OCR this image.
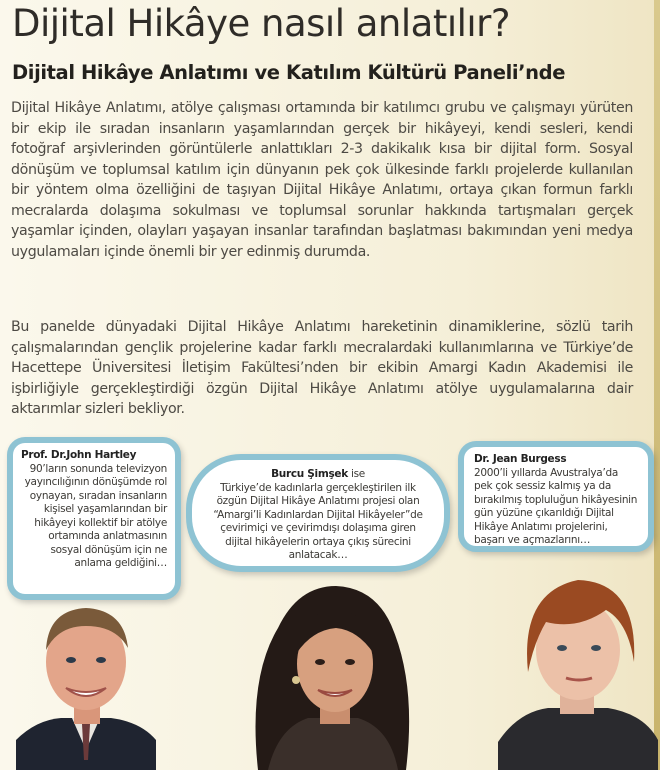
Dijital Hikâye nasıl anlatılır?
Dijital Hikâye Anlatımı ve Katılım Kültürü Paneli’nde

Dijital Hikâye Anlatımı, atölye çalışması ortamında bir katılımcı grubu ve çalışmayı yürüten bir ekip ile sıradan insanların yaşamlarından gerçek bir hikâyeyi, kendi sesleri, kendi fotoğraf arşivlerinden görüntülerle anlattıkları 2-3 dakikalık kısa bir dijital form. Sosyal dönüşüm ve toplumsal katılım için dünyanın pek çok ülkesinde farklı projelerde kullanılan bir yöntem olma özelliğini de taşıyan Dijital Hikâye Anlatımı, ortaya çıkan formun farklı mecralarda dolaşıma sokulması ve toplumsal sorunlar hakkında tartışmaları gerçek yaşamlar içinden, olayları yaşayan insanlar tarafından başlatması bakımından yeni medya uygulamaları içinde önemli bir yer edinmiş durumda.

Bu panelde dünyadaki Dijital Hikâye Anlatımı hareketinin dinamiklerine, sözlü tarih çalışmalarından gençlik projelerine kadar farklı mecralardaki kullanımlarına ve Türkiye’de Hacettepe Üniversitesi İletişim Fakültesi’nden bir ekibin Amargi Kadın Akademisi ile işbirliğiyle gerçekleştirdiği özgün Dijital Hikâye Anlatımı atölye uygulamalarına dair aktarımlar sizleri bekliyor.

Prof. Dr.John Hartley
90’ların sonunda televizyon yayıncılığının dönüşümde rol oynayan, sıradan insanların kişisel yaşamlarından bir hikâyeyi kollektif bir atölye ortamında anlatmasının sosyal dönüşüm için ne anlama geldiğini…
Burcu Şimşek ise
Türkiye’de kadınlarla gerçekleştirilen ilk özgün Dijital Hikâye Anlatımı projesi olan “Amargi’li Kadınlardan Dijital Hikâyeler”de çevirimiçi ve çevirimdışı dolaşıma giren dijital hikâyelerin ortaya çıkış sürecini anlatacak…
Dr. Jean Burgess
2000’li yıllarda Avustralya’da pek çok sessiz kalmış ya da bırakılmış topluluğun hikâyesinin gün yüzüne çıkarıldığı Dijital Hikâye Anlatımı projelerini, başarı ve açmazlarını…
